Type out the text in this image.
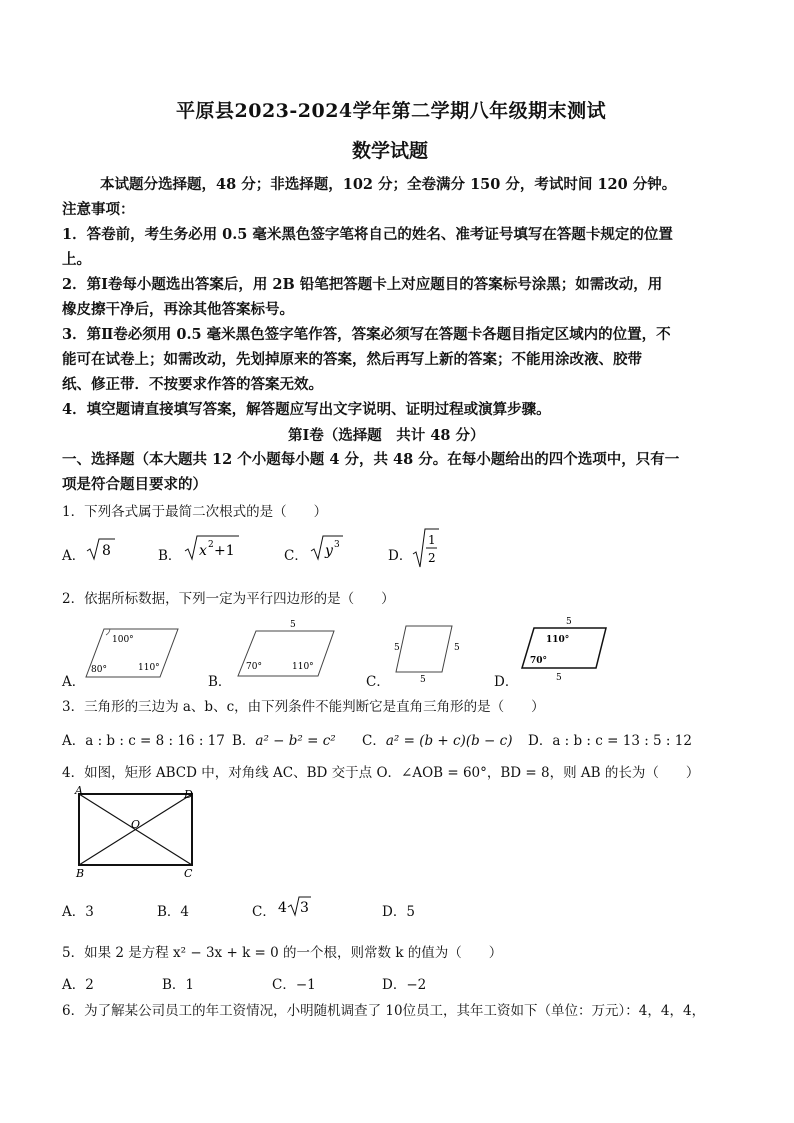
平原县2023-2024学年第二学期八年级期末测试
数学试题
本试题分选择题，48 分；非选择题，102 分；全卷满分 150 分，考试时间 120 分钟。
注意事项：
1．答卷前，考生务必用 0.5 毫米黑色签字笔将自己的姓名、准考证号填写在答题卡规定的位置
上。
2．第Ⅰ卷每小题选出答案后，用 2B 铅笔把答题卡上对应题目的答案标号涂黑；如需改动，用
橡皮擦干净后，再涂其他答案标号。
3．第Ⅱ卷必须用 0.5 毫米黑色签字笔作答，答案必须写在答题卡各题目指定区域内的位置，不
能可在试卷上；如需改动，先划掉原来的答案，然后再写上新的答案；不能用涂改液、胶带
纸、修正带．不按要求作答的答案无效。
4．填空题请直接填写答案，解答题应写出文字说明、证明过程或演算步骤。
第Ⅰ卷（选择题　共计 48 分）
一、选择题（本大题共 12 个小题每小题 4 分，共 48 分。在每小题给出的四个选项中，只有一
项是符合题目要求的）
1．下列各式属于最简二次根式的是（　　）
A． 8	B． x 2 +1	C． y 3
D．
1
2
2．依据所标数据，下列一定为平行四边形的是（　　）
A．
100°
80°	110°
B．
5
70°	110°
C．
5	5
5	D．
5
5
110°
70°
3．三角形的三边为 a、b、c，由下列条件不能判断它是直角三角形的是（　　）
A．a : b : c = 8 : 16 : 17 B．a² − b² = c² C．a² = (b + c)(b − c) D．a : b : c = 13 : 5 : 12
4．如图，矩形 ABCD 中，对角线 AC、BD 交于点 O．∠AOB = 60°，BD = 8，则 AB 的长为（　　）
A	D
B	C
O
A．3	B．4	C． 4 3	D．5
5．如果 2 是方程 x² − 3x + k = 0 的一个根，则常数 k 的值为（　　）
A．2	B．1	C．−1	D．−2
6．为了解某公司员工的年工资情况，小明随机调查了 10位员工，其年工资如下（单位：万元）：4，4，4，
